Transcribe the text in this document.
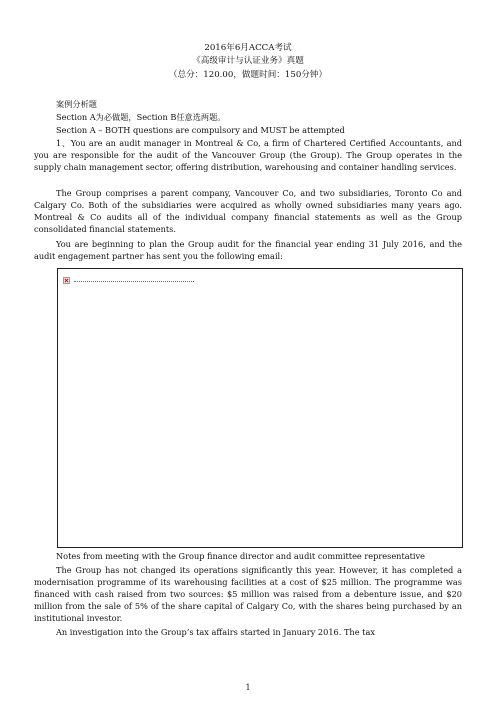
2016年6月ACCA考试
《高级审计与认证业务》真题
（总分：120.00，做题时间：150分钟）
案例分析题
Section A为必做题，Section B任意选两题。
Section A – BOTH questions are compulsory and MUST be attempted
1、You are an audit manager in Montreal & Co, a firm of Chartered Certified Accountants, and you are responsible for the audit of the Vancouver Group (the Group). The Group operates in the supply chain management sector, offering distribution, warehousing and container handling services.
The Group comprises a parent company, Vancouver Co, and two subsidiaries, Toronto Co and Calgary Co. Both of the subsidiaries were acquired as wholly owned subsidiaries many years ago. Montreal & Co audits all of the individual company financial statements as well as the Group consolidated financial statements.
You are beginning to plan the Group audit for the financial year ending 31 July 2016, and the audit engagement partner has sent you the following email:
Notes from meeting with the Group finance director and audit committee representative
The Group has not changed its operations significantly this year. However, it has completed a modernisation programme of its warehousing facilities at a cost of $25 million. The programme was financed with cash raised from two sources: $5 million was raised from a debenture issue, and $20 million from the sale of 5% of the share capital of Calgary Co, with the shares being purchased by an institutional investor.
An investigation into the Group’s tax affairs started in January 2016. The tax
1
